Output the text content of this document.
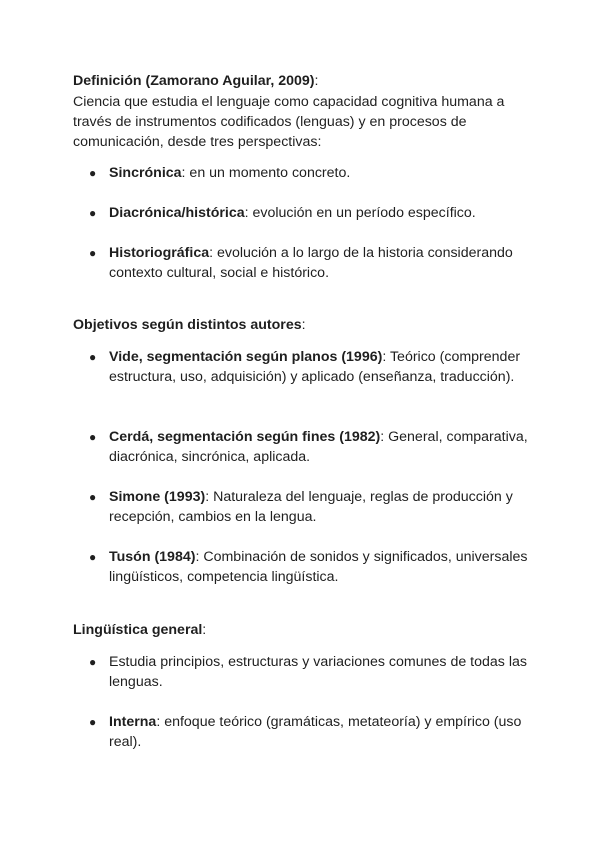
Definición (Zamorano Aguilar, 2009):
Ciencia que estudia el lenguaje como capacidad cognitiva humana a través de instrumentos codificados (lenguas) y en procesos de comunicación, desde tres perspectivas:
● Sincrónica: en un momento concreto.
● Diacrónica/histórica: evolución en un período específico.
● Historiográfica: evolución a lo largo de la historia considerando contexto cultural, social e histórico.
Objetivos según distintos autores:
● Vide, segmentación según planos (1996): Teórico (comprender estructura, uso, adquisición) y aplicado (enseñanza, traducción).
● Cerdá, segmentación según fines (1982): General, comparativa, diacrónica, sincrónica, aplicada.
● Simone (1993): Naturaleza del lenguaje, reglas de producción y recepción, cambios en la lengua.
● Tusón (1984): Combinación de sonidos y significados, universales lingüísticos, competencia lingüística.
Lingüística general:
● Estudia principios, estructuras y variaciones comunes de todas las lenguas.
● Interna: enfoque teórico (gramáticas, metateoría) y empírico (uso real).
